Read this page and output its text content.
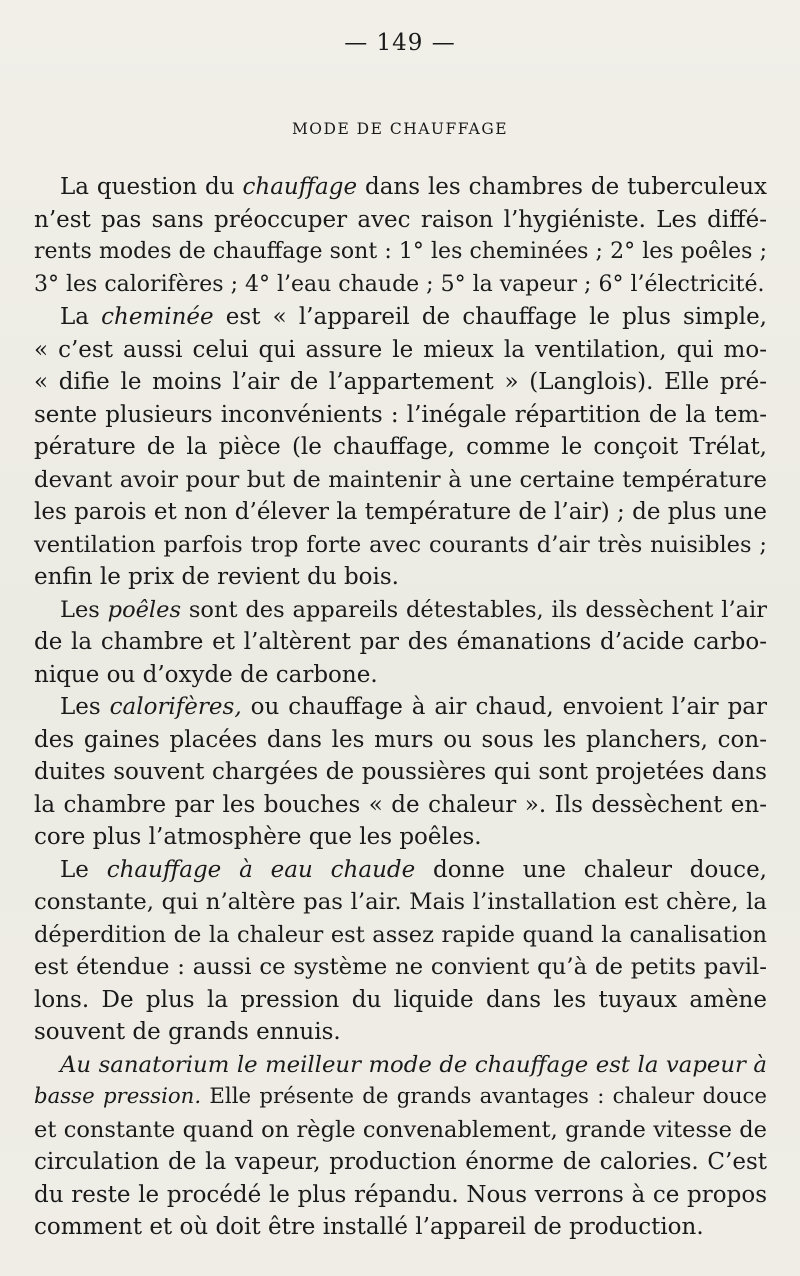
— 149 —
MODE DE CHAUFFAGE
La question du chauffage dans les chambres de tuberculeux
n’est pas sans préoccuper avec raison l’hygiéniste. Les diffé-
rents modes de chauffage sont : 1° les cheminées ; 2° les poêles ;
3° les calorifères ; 4° l’eau chaude ; 5° la vapeur ; 6° l’électricité.
La cheminée est « l’appareil de chauffage le plus simple,
« c’est aussi celui qui assure le mieux la ventilation, qui mo-
« difie le moins l’air de l’appartement » (Langlois). Elle pré-
sente plusieurs inconvénients : l’inégale répartition de la tem-
pérature de la pièce (le chauffage, comme le conçoit Trélat,
devant avoir pour but de maintenir à une certaine température
les parois et non d’élever la température de l’air) ; de plus une
ventilation parfois trop forte avec courants d’air très nuisibles ;
enfin le prix de revient du bois.
Les poêles sont des appareils détestables, ils dessèchent l’air
de la chambre et l’altèrent par des émanations d’acide carbo-
nique ou d’oxyde de carbone.
Les calorifères, ou chauffage à air chaud, envoient l’air par
des gaines placées dans les murs ou sous les planchers, con-
duites souvent chargées de poussières qui sont projetées dans
la chambre par les bouches « de chaleur ». Ils dessèchent en-
core plus l’atmosphère que les poêles.
Le chauffage à eau chaude donne une chaleur douce,
constante, qui n’altère pas l’air. Mais l’installation est chère, la
déperdition de la chaleur est assez rapide quand la canalisation
est étendue : aussi ce système ne convient qu’à de petits pavil-
lons. De plus la pression du liquide dans les tuyaux amène
souvent de grands ennuis.
Au sanatorium le meilleur mode de chauffage est la vapeur à
basse pression. Elle présente de grands avantages : chaleur douce
et constante quand on règle convenablement, grande vitesse de
circulation de la vapeur, production énorme de calories. C’est
du reste le procédé le plus répandu. Nous verrons à ce propos
comment et où doit être installé l’appareil de production.
